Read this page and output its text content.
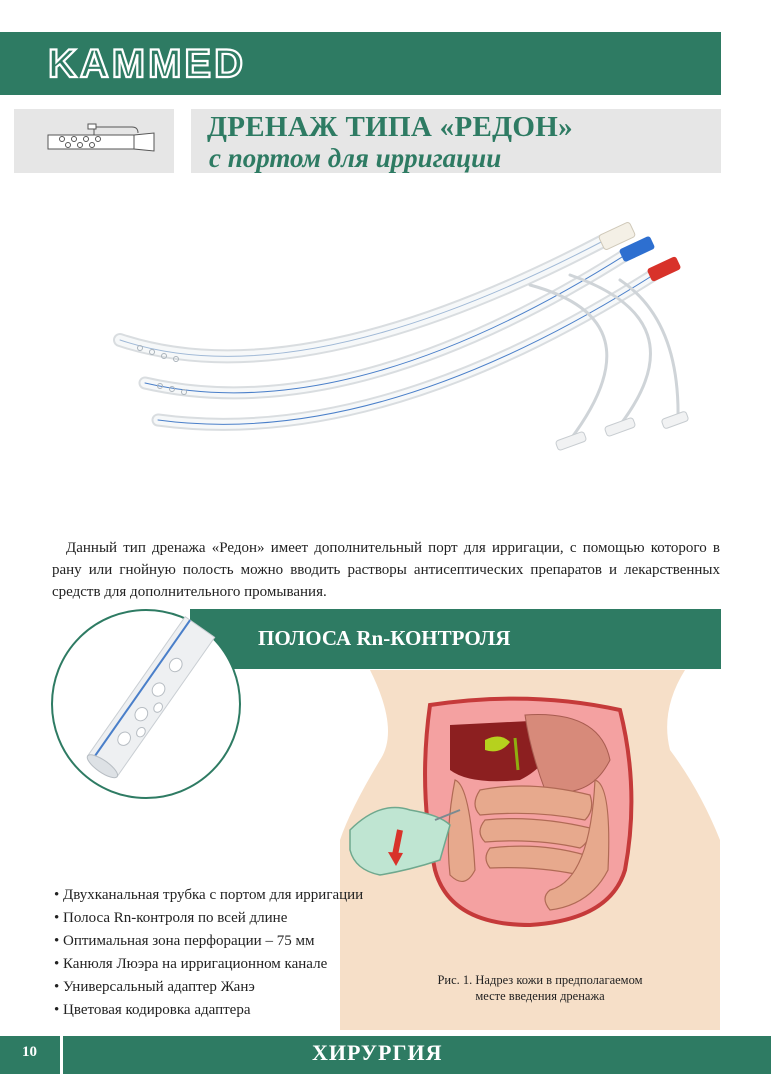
KAMMED
ДРЕНАЖ ТИПА «РЕДОН»
с портом для ирригации
Данный тип дренажа «Редон» имеет дополнительный порт для ирригации, с помощью которого в рану или гнойную полость можно вводить растворы антисептических препаратов и лекарственных средств для дополнительного промывания.
ПОЛОСА Rn-КОНТРОЛЯ
• Двухканальная трубка с портом для ирригации
• Полоса Rn-контроля по всей длине
• Оптимальная зона перфорации – 75 мм
• Канюля Люэра на ирригационном канале
• Универсальный адаптер Жанэ
• Цветовая кодировка адаптера
Рис. 1. Надрез кожи в предполагаемом
месте введения дренажа
10	ХИРУРГИЯ
